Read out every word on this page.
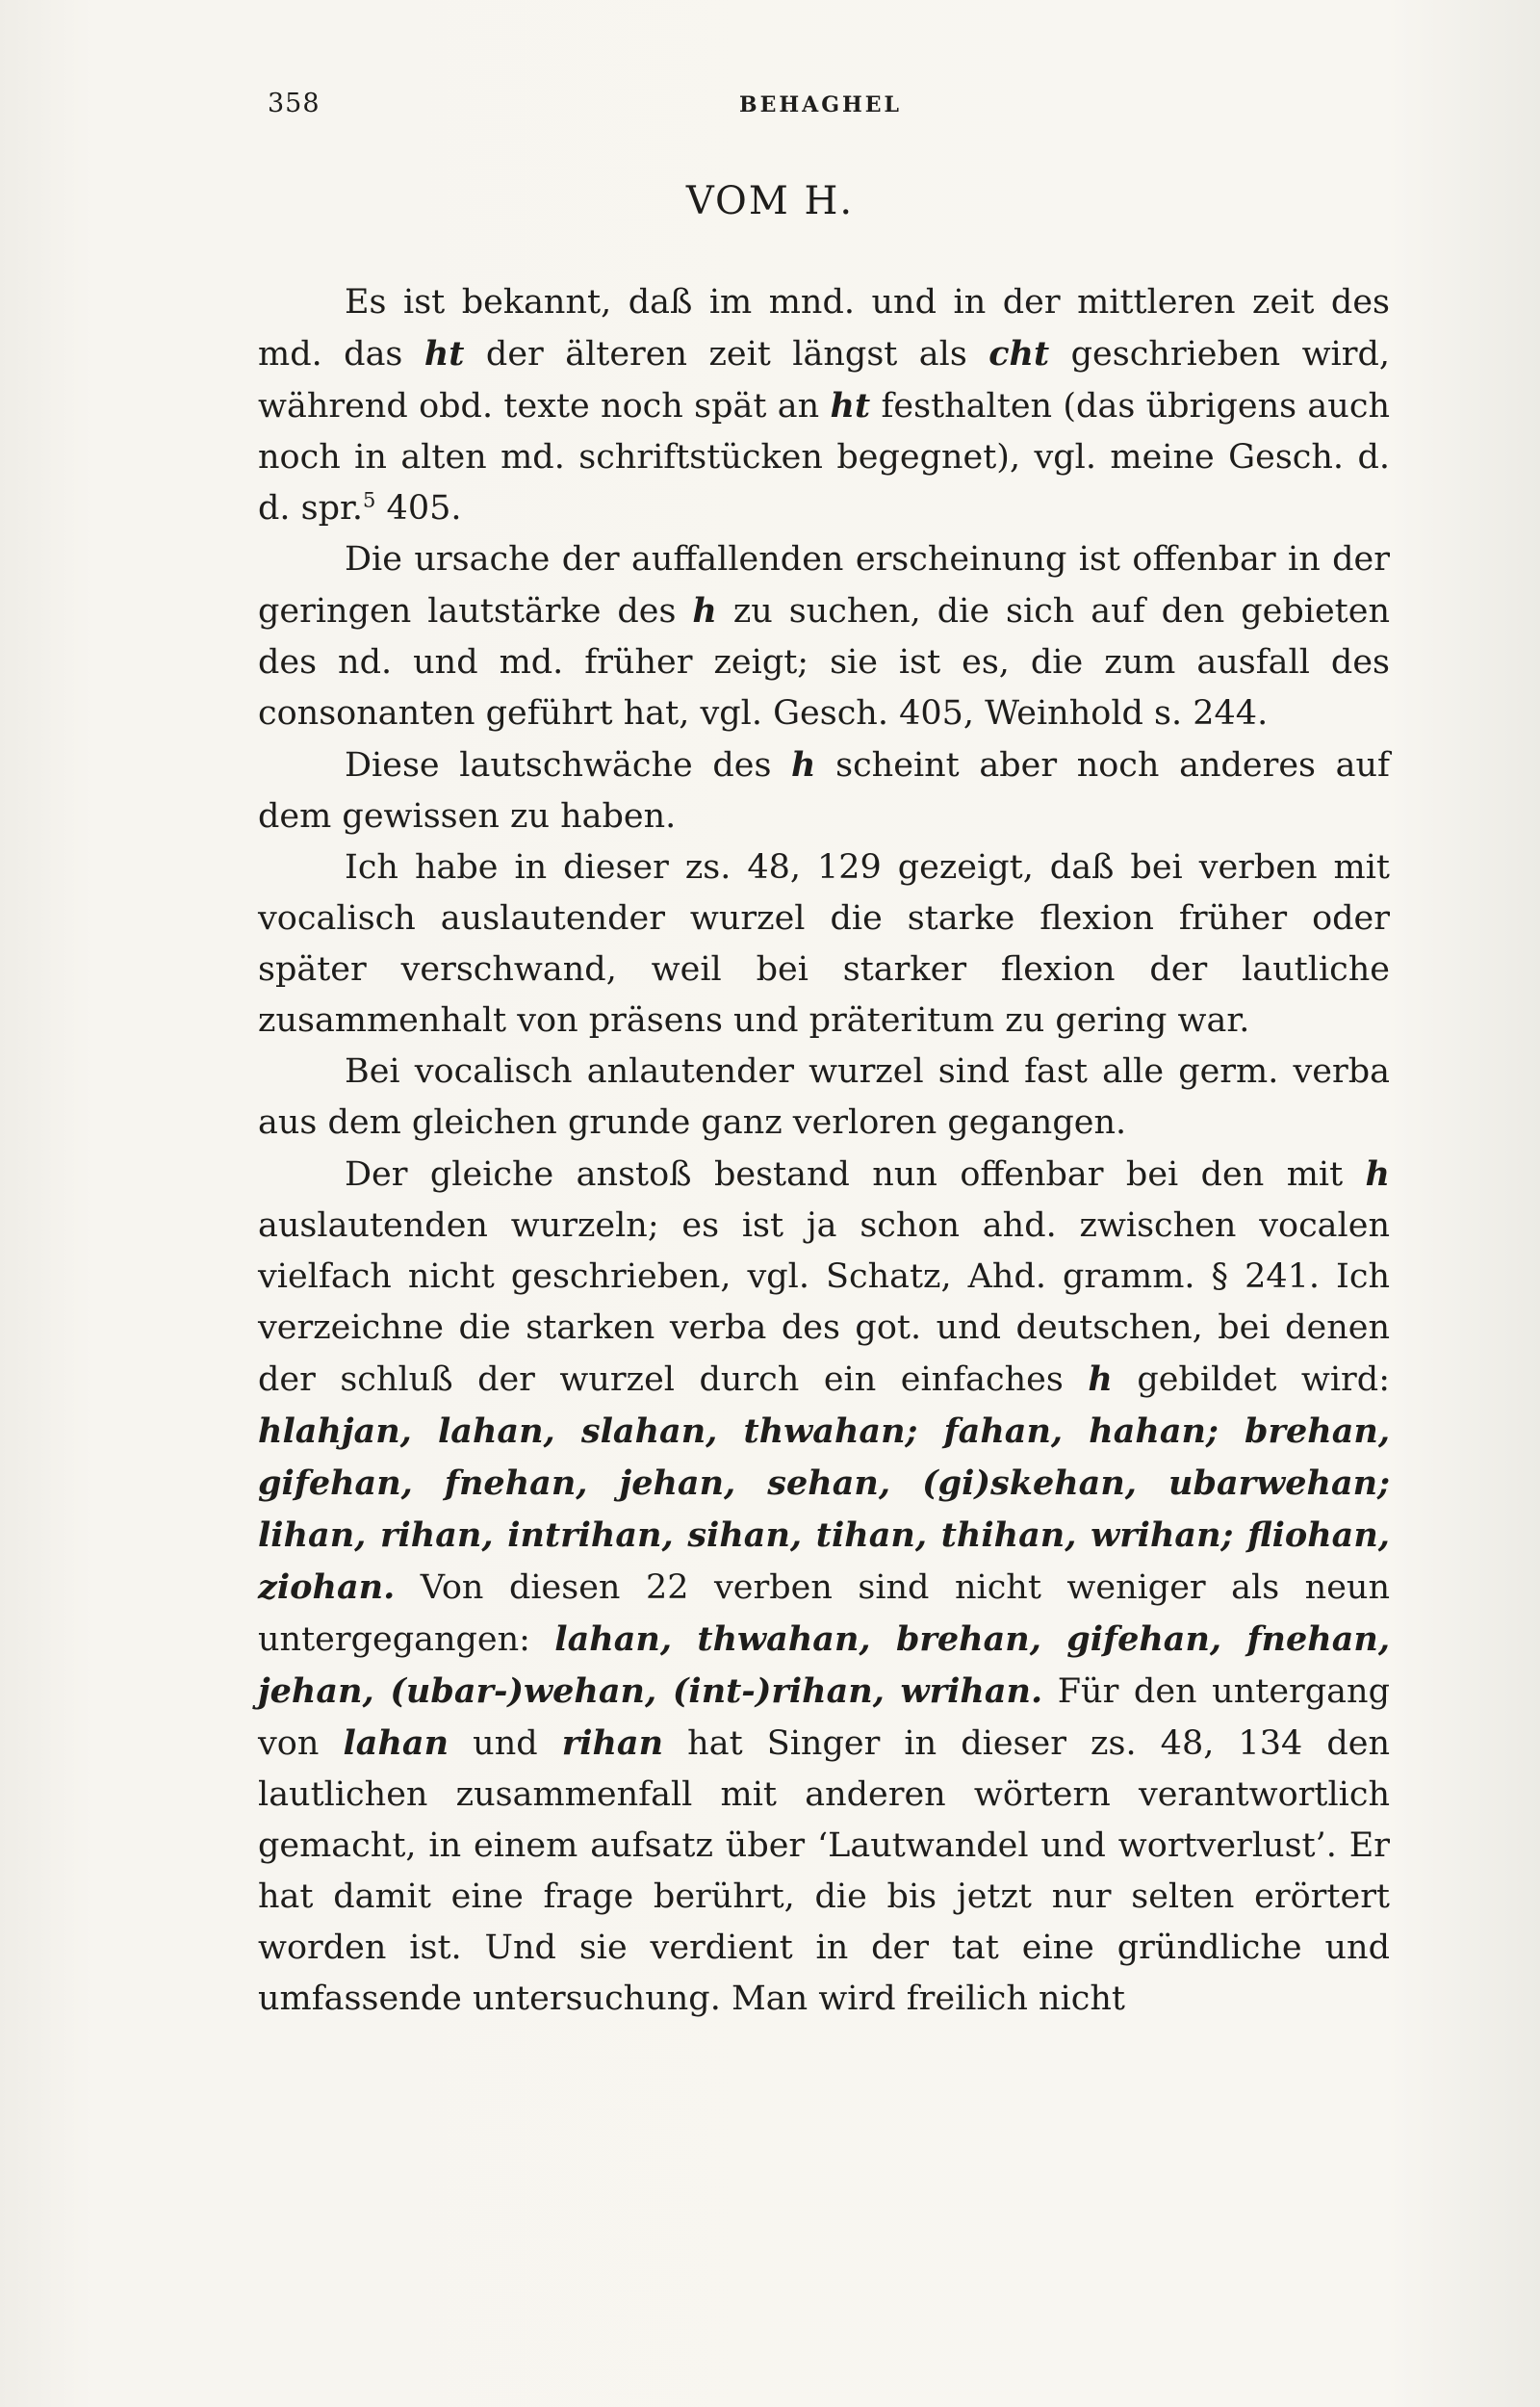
358	BEHAGHEL
VOM H.

Es ist bekannt, daß im mnd. und in der mittleren zeit des md. das ht der älteren zeit längst als cht geschrieben wird, während obd. texte noch spät an ht festhalten (das übrigens auch noch in alten md. schriftstücken begegnet), vgl. meine Gesch. d. d. spr.$^5$ 405.

Die ursache der auffallenden erscheinung ist offenbar in der geringen lautstärke des h zu suchen, die sich auf den gebieten des nd. und md. früher zeigt; sie ist es, die zum ausfall des consonanten geführt hat, vgl. Gesch. 405, Weinhold s. 244.

Diese lautschwäche des h scheint aber noch anderes auf dem gewissen zu haben.

Ich habe in dieser zs. 48, 129 gezeigt, daß bei verben mit vocalisch auslautender wurzel die starke flexion früher oder später verschwand, weil bei starker flexion der lautliche zusammenhalt von präsens und präteritum zu gering war.

Bei vocalisch anlautender wurzel sind fast alle germ. verba aus dem gleichen grunde ganz verloren gegangen.

Der gleiche anstoß bestand nun offenbar bei den mit h auslautenden wurzeln; es ist ja schon ahd. zwischen vocalen vielfach nicht geschrieben, vgl. Schatz, Ahd. gramm. § 241. Ich verzeichne die starken verba des got. und deutschen, bei denen der schluß der wurzel durch ein einfaches h gebildet wird: hlahjan, lahan, slahan, thwahan; fahan, hahan; brehan, gifehan, fnehan, jehan, sehan, (gi)skehan, ubarwehan; lihan, rihan, intrihan, sihan, tihan, thihan, wrihan; fliohan, ziohan. Von diesen 22 verben sind nicht weniger als neun untergegangen: lahan, thwahan, brehan, gifehan, fnehan, jehan, (ubar-)wehan, (int-)rihan, wrihan. Für den untergang von lahan und rihan hat Singer in dieser zs. 48, 134 den lautlichen zusammenfall mit anderen wörtern verantwortlich gemacht, in einem aufsatz über ‘Lautwandel und wortverlust’. Er hat damit eine frage berührt, die bis jetzt nur selten erörtert worden ist. Und sie verdient in der tat eine gründliche und umfassende untersuchung. Man wird freilich nicht
